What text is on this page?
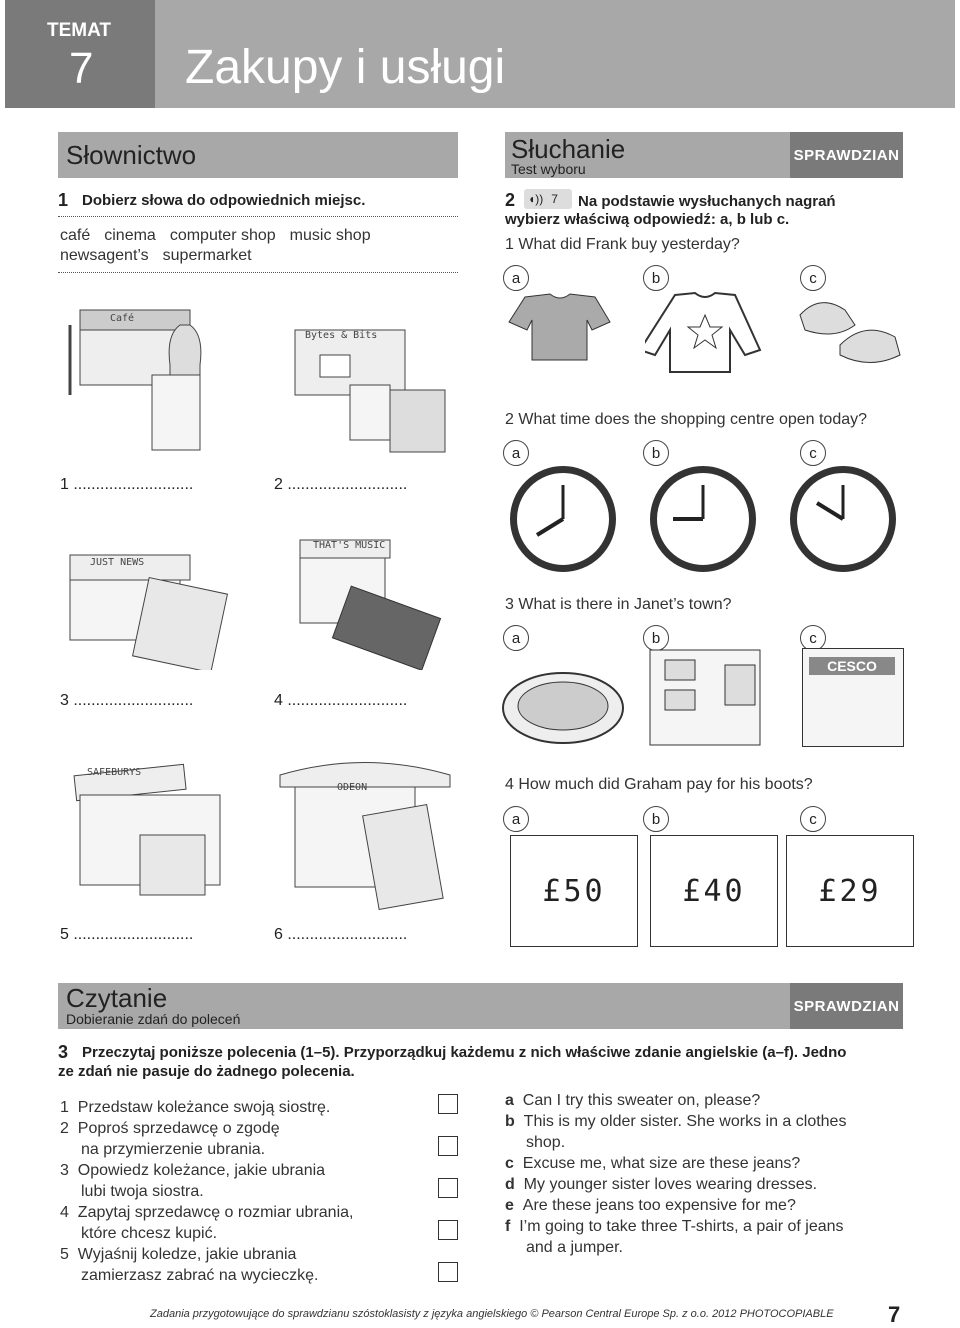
TEMAT
7 Zakupy i usługi
Słownictwo
1 Dobierz słowa do odpowiednich miejsc.
café cinema computer shop music shop
newsagent’s supermarket
Café
Bytes & Bits
1 ...........................	2 ...........................
JUST NEWS
THAT'S MUSIC
3 ...........................	4 ...........................
SAFEBURYS
ODEON
5 ...........................	6 ...........................
Słuchanie
Test wyboru
SPRAWDZIAN
2 ◖)) 7 Na podstawie wysłuchanych nagrań
wybierz właściwą odpowiedź: a, b lub c.
1 What did Frank buy yesterday?
a	b	c
2 What time does the shopping centre open today?
a	b	c
3 What is there in Janet’s town?
a	b	c
CESCO
4 How much did Graham pay for his boots?
a	b	c
£50	£40	£29
Czytanie
Dobieranie zdań do poleceń
SPRAWDZIAN
3 Przeczytaj poniższe polecenia (1–5). Przyporządkuj każdemu z nich właściwe zdanie angielskie (a–f). Jedno
ze zdań nie pasuje do żadnego polecenia.
1 Przedstaw koleżance swoją siostrę.
2 Poproś sprzedawcę o zgodę
na przymierzenie ubrania.
3 Opowiedz koleżance, jakie ubrania
lubi twoja siostra.
4 Zapytaj sprzedawcę o rozmiar ubrania,
które chcesz kupić.
5 Wyjaśnij koledze, jakie ubrania
zamierzasz zabrać na wycieczkę.
a Can I try this sweater on, please?
b This is my older sister. She works in a clothes
shop.
c Excuse me, what size are these jeans?
d My younger sister loves wearing dresses.
e Are these jeans too expensive for me?
f I’m going to take three T-shirts, a pair of jeans
and a jumper.
Zadania przygotowujące do sprawdzianu szóstoklasisty z języka angielskiego © Pearson Central Europe Sp. z o.o. 2012 PHOTOCOPIABLE 7
